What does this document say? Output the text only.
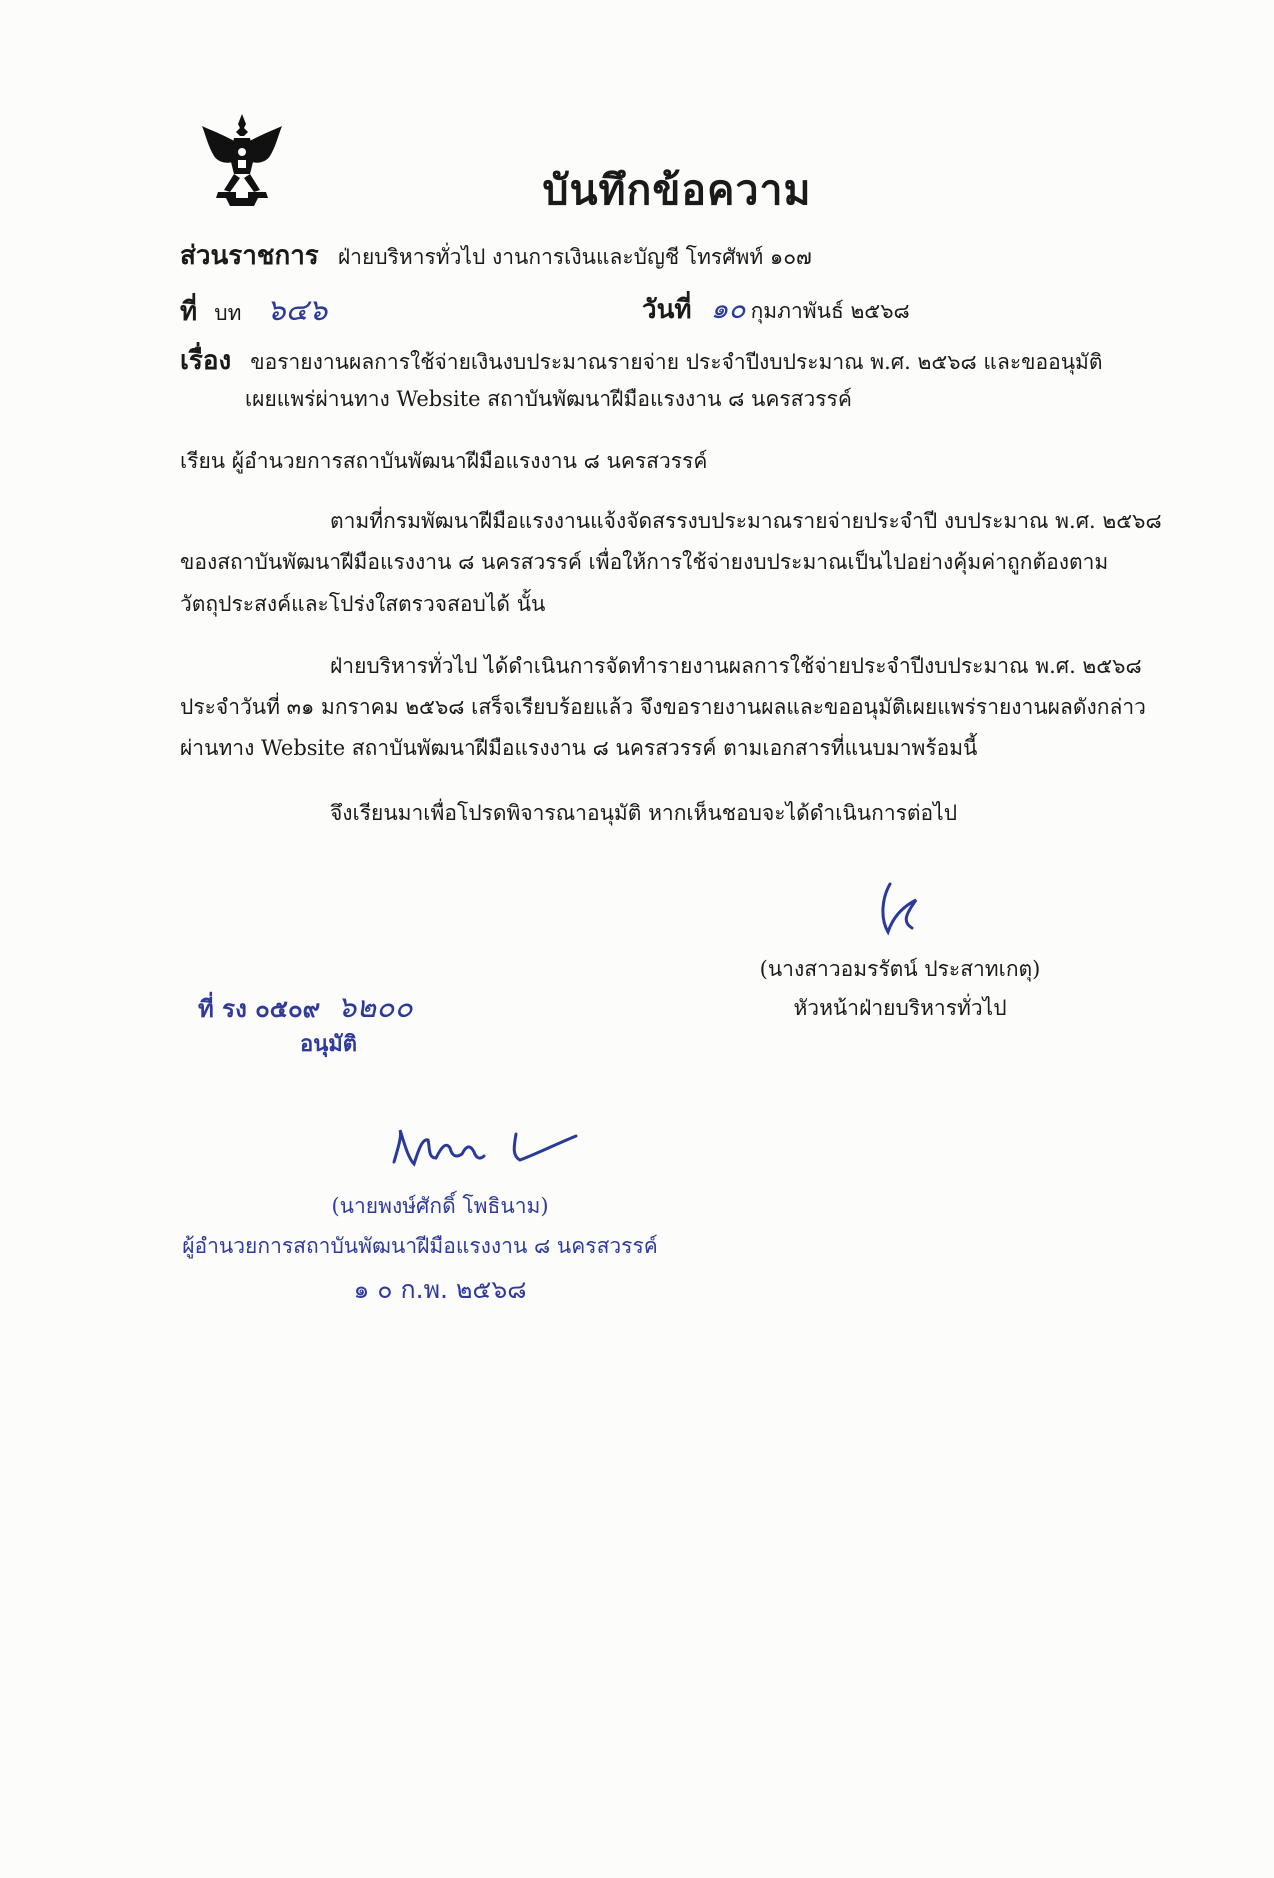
บันทึกข้อความ
ส่วนราชการ ฝ่ายบริหารทั่วไป งานการเงินและบัญชี โทรศัพท์ ๑๐๗
ที่ บท ๖๔๖	วันที่ ๑๐ กุมภาพันธ์ ๒๕๖๘
เรื่อง ขอรายงานผลการใช้จ่ายเงินงบประมาณรายจ่าย ประจำปีงบประมาณ พ.ศ. ๒๕๖๘ และขออนุมัติ
เผยแพร่ผ่านทาง Website สถาบันพัฒนาฝีมือแรงงาน ๘ นครสวรรค์
เรียน ผู้อำนวยการสถาบันพัฒนาฝีมือแรงงาน ๘ นครสวรรค์
ตามที่กรมพัฒนาฝีมือแรงงานแจ้งจัดสรรงบประมาณรายจ่ายประจำปี งบประมาณ พ.ศ. ๒๕๖๘
ของสถาบันพัฒนาฝีมือแรงงาน ๘ นครสวรรค์ เพื่อให้การใช้จ่ายงบประมาณเป็นไปอย่างคุ้มค่าถูกต้องตาม
วัตถุประสงค์และโปร่งใสตรวจสอบได้ นั้น
ฝ่ายบริหารทั่วไป ได้ดำเนินการจัดทำรายงานผลการใช้จ่ายประจำปีงบประมาณ พ.ศ. ๒๕๖๘
ประจำวันที่ ๓๑ มกราคม ๒๕๖๘ เสร็จเรียบร้อยแล้ว จึงขอรายงานผลและขออนุมัติเผยแพร่รายงานผลดังกล่าว
ผ่านทาง Website สถาบันพัฒนาฝีมือแรงงาน ๘ นครสวรรค์ ตามเอกสารที่แนบมาพร้อมนี้
จึงเรียนมาเพื่อโปรดพิจารณาอนุมัติ หากเห็นชอบจะได้ดำเนินการต่อไป
(นางสาวอมรรัตน์ ประสาทเกตุ)
หัวหน้าฝ่ายบริหารทั่วไป
ที่ รง ๐๕๐๙ ๖๒๐๐
อนุมัติ
(นายพงษ์ศักดิ์ โพธินาม)
ผู้อำนวยการสถาบันพัฒนาฝีมือแรงงาน ๘ นครสวรรค์
๑ ๐ ก.พ. ๒๕๖๘
